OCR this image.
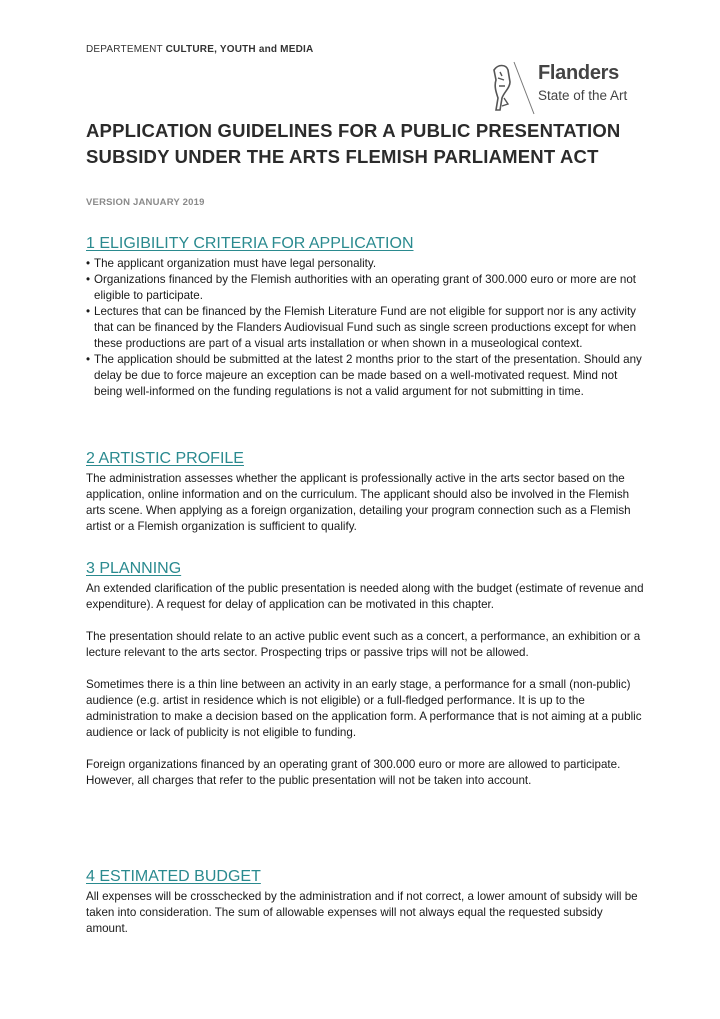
DEPARTEMENT CULTURE, YOUTH and MEDIA
Flanders
State of the Art
APPLICATION GUIDELINES FOR A PUBLIC PRESENTATION SUBSIDY UNDER THE ARTS FLEMISH PARLIAMENT ACT
VERSION JANUARY 2019
1 ELIGIBILITY CRITERIA FOR APPLICATION
• The applicant organization must have legal personality.
• Organizations financed by the Flemish authorities with an operating grant of 300.000 euro or more are not eligible to participate.
• Lectures that can be financed by the Flemish Literature Fund are not eligible for support nor is any activity that can be financed by the Flanders Audiovisual Fund such as single screen productions except for when these productions are part of a visual arts installation or when shown in a museological context.
• The application should be submitted at the latest 2 months prior to the start of the presentation. Should any delay be due to force majeure an exception can be made based on a well-motivated request. Mind not being well-informed on the funding regulations is not a valid argument for not submitting in time.
2 ARTISTIC PROFILE

The administration assesses whether the applicant is professionally active in the arts sector based on the application, online information and on the curriculum. The applicant should also be involved in the Flemish arts scene. When applying as a foreign organization, detailing your program connection such as a Flemish artist or a Flemish organization is sufficient to qualify.

3 PLANNING

An extended clarification of the public presentation is needed along with the budget (estimate of revenue and expenditure). A request for delay of application can be motivated in this chapter.

The presentation should relate to an active public event such as a concert, a performance, an exhibition or a lecture relevant to the arts sector. Prospecting trips or passive trips will not be allowed.

Sometimes there is a thin line between an activity in an early stage, a performance for a small (non-public) audience (e.g. artist in residence which is not eligible) or a full-fledged performance. It is up to the administration to make a decision based on the application form. A performance that is not aiming at a public audience or lack of publicity is not eligible to funding.

Foreign organizations financed by an operating grant of 300.000 euro or more are allowed to participate. However, all charges that refer to the public presentation will not be taken into account.

4 ESTIMATED BUDGET

All expenses will be crosschecked by the administration and if not correct, a lower amount of subsidy will be taken into consideration. The sum of allowable expenses will not always equal the requested subsidy amount.
